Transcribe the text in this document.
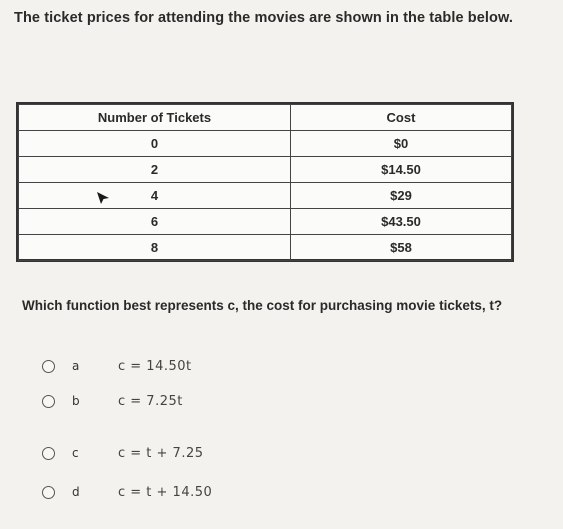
The ticket prices for attending the movies are shown in the table below.
Number of Tickets	Cost
0	$0
2	$14.50
4	$29
6	$43.50
8	$58
Which function best represents c, the cost for purchasing movie tickets, t?
a	c = 14.50t
b	c = 7.25t
c	c = t + 7.25
d	c = t + 14.50
